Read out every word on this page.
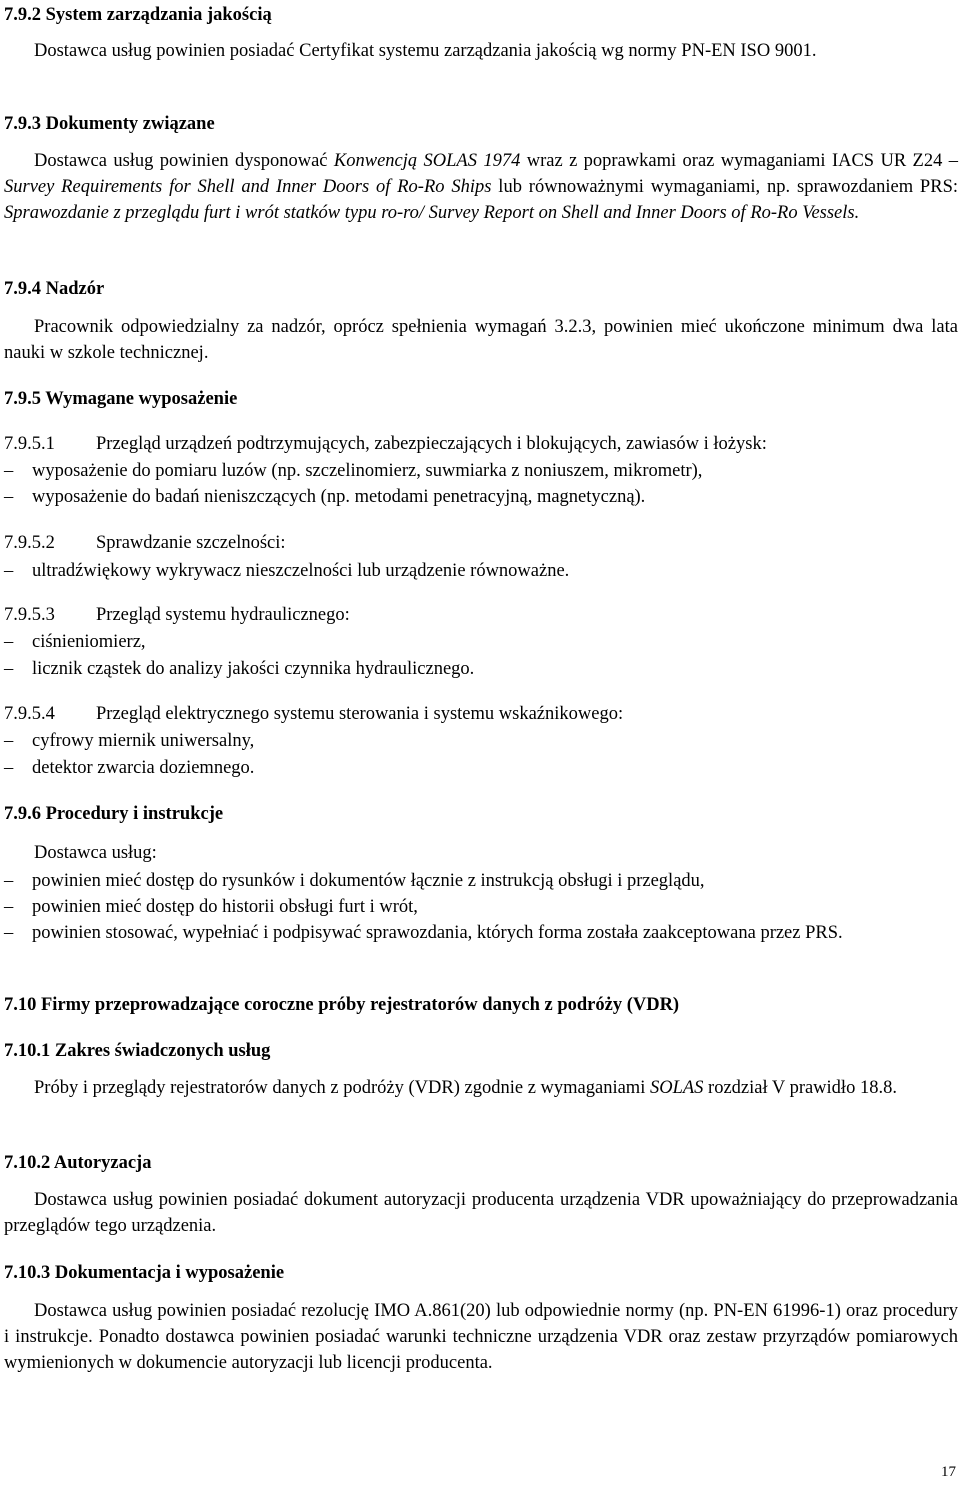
7.9.2 System zarządzania jakością
Dostawca usług powinien posiadać Certyfikat systemu zarządzania jakością wg normy PN-EN ISO 9001.
7.9.3 Dokumenty związane
Dostawca usług powinien dysponować Konwencją SOLAS 1974 wraz z poprawkami oraz wymaganiami IACS UR Z24 – Survey Requirements for Shell and Inner Doors of Ro-Ro Ships lub równoważnymi wymaganiami, np. sprawozdaniem PRS: Sprawozdanie z przeglądu furt i wrót statków typu ro-ro/ Survey Report on Shell and Inner Doors of Ro-Ro Vessels.
7.9.4 Nadzór
Pracownik odpowiedzialny za nadzór, oprócz spełnienia wymagań 3.2.3, powinien mieć ukończone minimum dwa lata nauki w szkole technicznej.
7.9.5 Wymagane wyposażenie
7.9.5.1 Przegląd urządzeń podtrzymujących, zabezpieczających i blokujących, zawiasów i łożysk:
–	wyposażenie do pomiaru luzów (np. szczelinomierz, suwmiarka z noniuszem, mikrometr),
–	wyposażenie do badań nieniszczących (np. metodami penetracyjną, magnetyczną).
7.9.5.2 Sprawdzanie szczelności:
–	ultradźwiękowy wykrywacz nieszczelności lub urządzenie równoważne.
7.9.5.3 Przegląd systemu hydraulicznego:
–	ciśnieniomierz,
–	licznik cząstek do analizy jakości czynnika hydraulicznego.
7.9.5.4 Przegląd elektrycznego systemu sterowania i systemu wskaźnikowego:
–	cyfrowy miernik uniwersalny,
–	detektor zwarcia doziemnego.
7.9.6 Procedury i instrukcje
Dostawca usług:
–	powinien mieć dostęp do rysunków i dokumentów łącznie z instrukcją obsługi i przeglądu,
–	powinien mieć dostęp do historii obsługi furt i wrót,
–	powinien stosować, wypełniać i podpisywać sprawozdania, których forma została zaakceptowana przez PRS.
7.10 Firmy przeprowadzające coroczne próby rejestratorów danych z podróży (VDR)
7.10.1 Zakres świadczonych usług
Próby i przeglądy rejestratorów danych z podróży (VDR) zgodnie z wymaganiami SOLAS rozdział V prawidło 18.8.
7.10.2 Autoryzacja
Dostawca usług powinien posiadać dokument autoryzacji producenta urządzenia VDR upoważniający do przeprowadzania przeglądów tego urządzenia.
7.10.3 Dokumentacja i wyposażenie
Dostawca usług powinien posiadać rezolucję IMO A.861(20) lub odpowiednie normy (np. PN-EN 61996-1) oraz procedury i instrukcje. Ponadto dostawca powinien posiadać warunki techniczne urządzenia VDR oraz zestaw przyrządów pomiarowych wymienionych w dokumencie autoryzacji lub licencji producenta.
17
